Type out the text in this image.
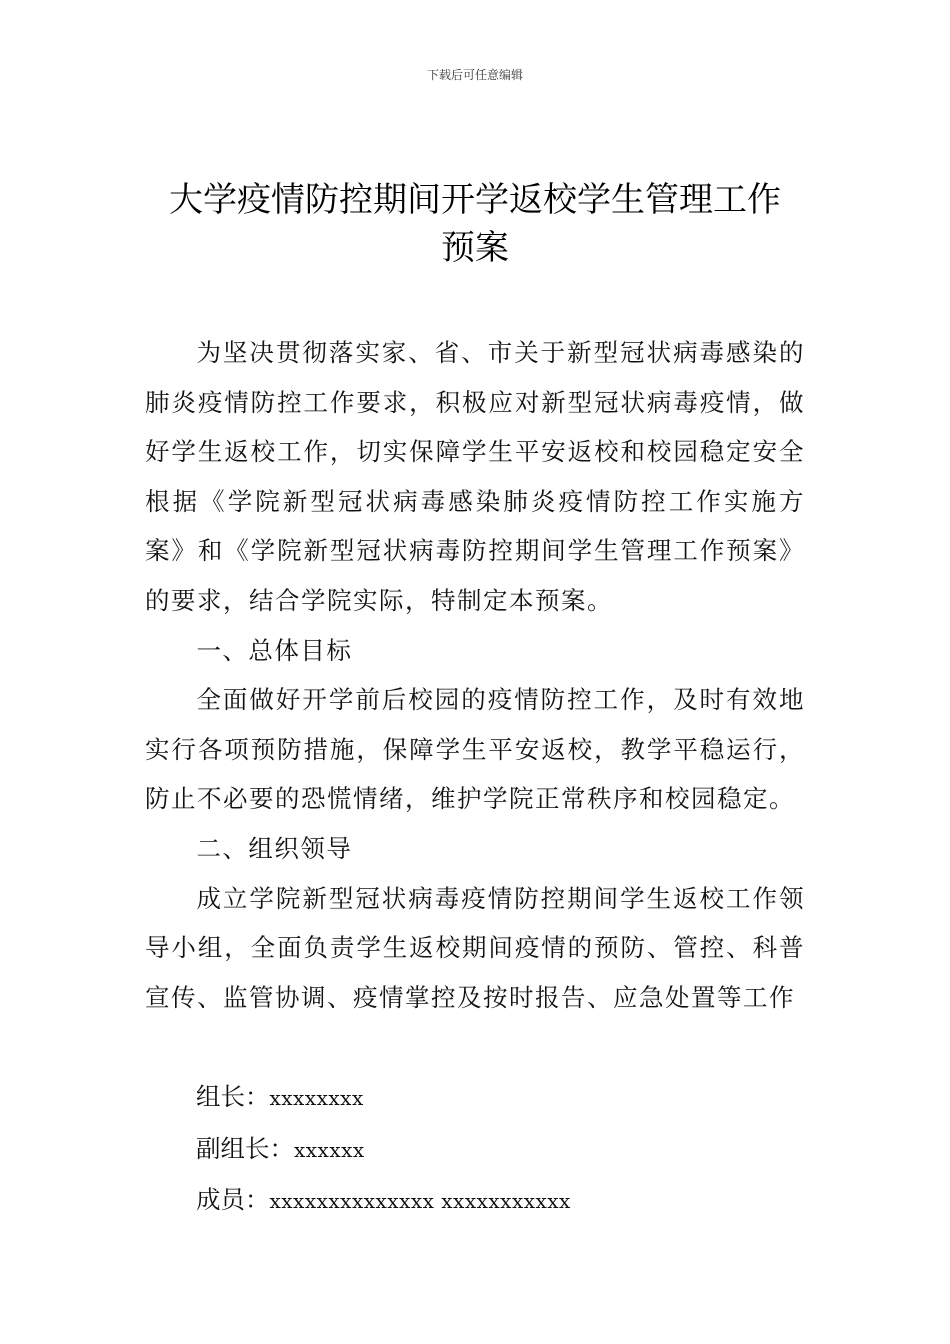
下载后可任意编辑
大学疫情防控期间开学返校学生管理工作
预案

为坚决贯彻落实家、省、市关于新型冠状病毒感染的肺炎疫情防控工作要求，积极应对新型冠状病毒疫情，做好学生返校工作，切实保障学生平安返校和校园稳定安全根据《学院新型冠状病毒感染肺炎疫情防控工作实施方案》和《学院新型冠状病毒防控期间学生管理工作预案》的要求，结合学院实际，特制定本预案。

一、总体目标

全面做好开学前后校园的疫情防控工作，及时有效地实行各项预防措施，保障学生平安返校，教学平稳运行，防止不必要的恐慌情绪，维护学院正常秩序和校园稳定。

二、组织领导

成立学院新型冠状病毒疫情防控期间学生返校工作领导小组，全面负责学生返校期间疫情的预防、管控、科普宣传、监管协调、疫情掌控及按时报告、应急处置等工作

组长：xxxxxxxx
副组长：xxxxxx
成员：xxxxxxxxxxxxxx xxxxxxxxxxx
